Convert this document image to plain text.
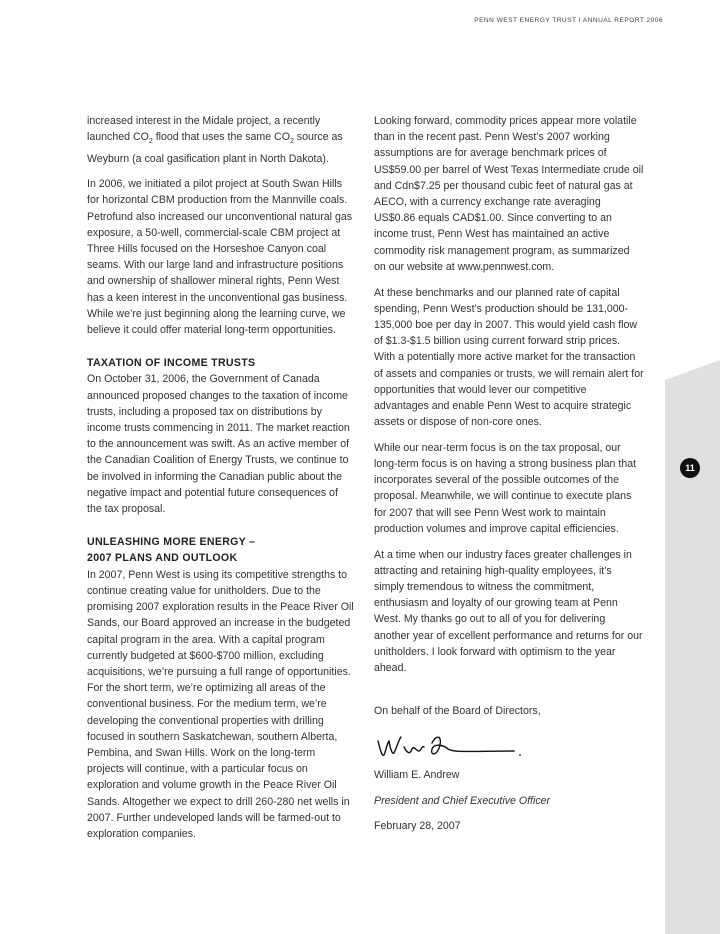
PENN WEST ENERGY TRUST I ANNUAL REPORT 2006
11

increased interest in the Midale project, a recently launched $CO_2$ flood that uses the same $CO_2$ source as Weyburn (a coal gasification plant in North Dakota).

In 2006, we initiated a pilot project at South Swan Hills for horizontal CBM production from the Mannville coals. Petrofund also increased our unconventional natural gas exposure, a 50-well, commercial-scale CBM project at Three Hills focused on the Horseshoe Canyon coal seams. With our large land and infrastructure positions and ownership of shallower mineral rights, Penn West has a keen interest in the unconventional gas business. While we’re just beginning along the learning curve, we believe it could offer material long-term opportunities.

TAXATION OF INCOME TRUSTS

On October 31, 2006, the Government of Canada announced proposed changes to the taxation of income trusts, including a proposed tax on distributions by income trusts commencing in 2011. The market reaction to the announcement was swift. As an active member of the Canadian Coalition of Energy Trusts, we continue to be involved in informing the Canadian public about the negative impact and potential future consequences of the tax proposal.

UNLEASHING MORE ENERGY –
2007 PLANS AND OUTLOOK

In 2007, Penn West is using its competitive strengths to continue creating value for unitholders. Due to the promising 2007 exploration results in the Peace River Oil Sands, our Board approved an increase in the budgeted capital program in the area. With a capital program currently budgeted at $600-$700 million, excluding acquisitions, we’re pursuing a full range of opportunities. For the short term, we’re optimizing all areas of the conventional business. For the medium term, we’re developing the conventional properties with drilling focused in southern Saskatchewan, southern Alberta, Pembina, and Swan Hills. Work on the long-term projects will continue, with a particular focus on exploration and volume growth in the Peace River Oil Sands. Altogether we expect to drill 260-280 net wells in 2007. Further undeveloped lands will be farmed-out to exploration companies.

Looking forward, commodity prices appear more volatile than in the recent past. Penn West’s 2007 working assumptions are for average benchmark prices of US$59.00 per barrel of West Texas Intermediate crude oil and Cdn$7.25 per thousand cubic feet of natural gas at AECO, with a currency exchange rate averaging US$0.86 equals CAD$1.00. Since converting to an income trust, Penn West has maintained an active commodity risk management program, as summarized on our website at www.pennwest.com.

At these benchmarks and our planned rate of capital spending, Penn West’s production should be 131,000-135,000 boe per day in 2007. This would yield cash flow of $1.3-$1.5 billion using current forward strip prices. With a potentially more active market for the transaction of assets and companies or trusts, we will remain alert for opportunities that would lever our competitive advantages and enable Penn West to acquire strategic assets or dispose of non-core ones.

While our near-term focus is on the tax proposal, our long-term focus is on having a strong business plan that incorporates several of the possible outcomes of the proposal. Meanwhile, we will continue to execute plans for 2007 that will see Penn West work to maintain production volumes and improve capital efficiencies.

At a time when our industry faces greater challenges in attracting and retaining high-quality employees, it’s simply tremendous to witness the commitment, enthusiasm and loyalty of our growing team at Penn West. My thanks go out to all of you for delivering another year of excellent performance and returns for our unitholders. I look forward with optimism to the year ahead.

On behalf of the Board of Directors,

William E. Andrew

President and Chief Executive Officer

February 28, 2007
